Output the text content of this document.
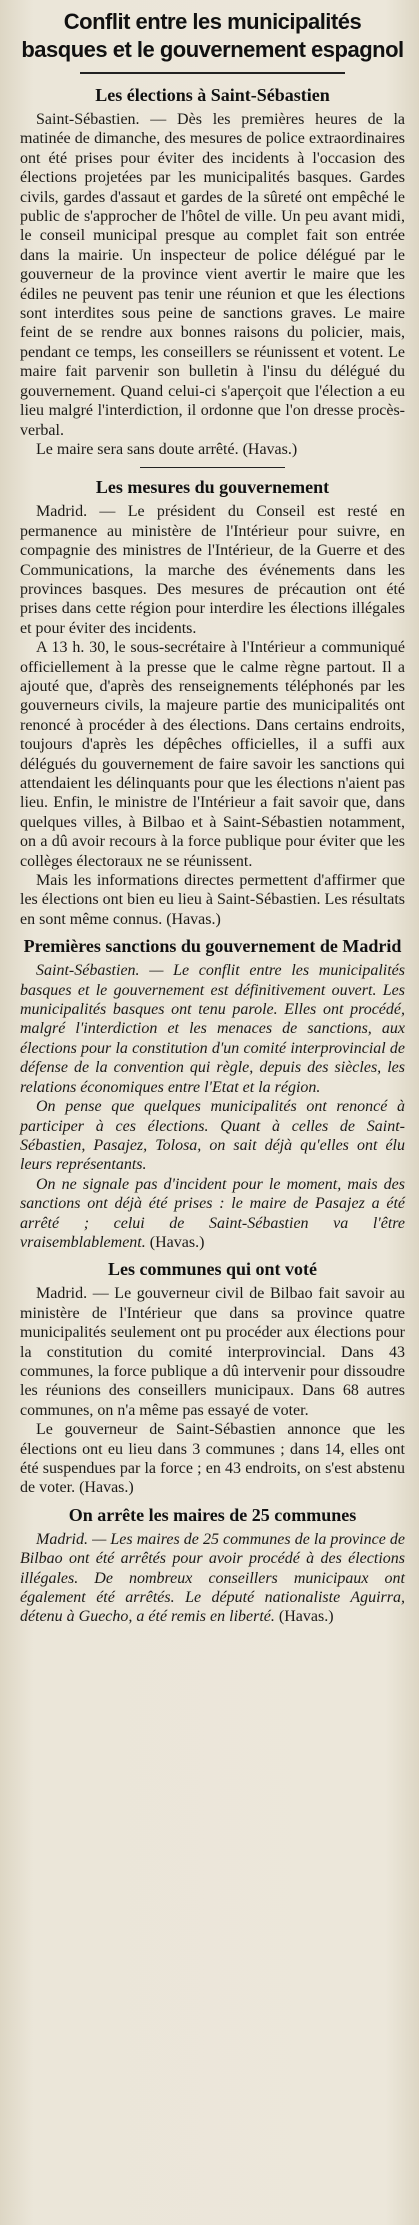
Conflit entre les municipalités basques et le gouvernement espagnol
Les élections à Saint-Sébastien

Saint-Sébastien. — Dès les premières heures de la matinée de dimanche, des mesures de police extraordinaires ont été prises pour éviter des incidents à l'occasion des élections projetées par les municipalités basques. Gardes civils, gardes d'assaut et gardes de la sûreté ont empêché le public de s'approcher de l'hôtel de ville. Un peu avant midi, le conseil municipal presque au complet fait son entrée dans la mairie. Un inspecteur de police délégué par le gouverneur de la province vient avertir le maire que les édiles ne peuvent pas tenir une réunion et que les élections sont interdites sous peine de sanctions graves. Le maire feint de se rendre aux bonnes raisons du policier, mais, pendant ce temps, les conseillers se réunissent et votent. Le maire fait parvenir son bulletin à l'insu du délégué du gouvernement. Quand celui-ci s'aperçoit que l'élection a eu lieu malgré l'interdiction, il ordonne que l'on dresse procès-verbal.

Le maire sera sans doute arrêté. (Havas.)

Les mesures du gouvernement

Madrid. — Le président du Conseil est resté en permanence au ministère de l'Intérieur pour suivre, en compagnie des ministres de l'Intérieur, de la Guerre et des Communications, la marche des événements dans les provinces basques. Des mesures de précaution ont été prises dans cette région pour interdire les élections illégales et pour éviter des incidents.

A 13 h. 30, le sous-secrétaire à l'Intérieur a communiqué officiellement à la presse que le calme règne partout. Il a ajouté que, d'après des renseignements téléphonés par les gouverneurs civils, la majeure partie des municipalités ont renoncé à procéder à des élections. Dans certains endroits, toujours d'après les dépêches officielles, il a suffi aux délégués du gouvernement de faire savoir les sanctions qui attendaient les délinquants pour que les élections n'aient pas lieu. Enfin, le ministre de l'Intérieur a fait savoir que, dans quelques villes, à Bilbao et à Saint-Sébastien notamment, on a dû avoir recours à la force publique pour éviter que les collèges électoraux ne se réunissent.

Mais les informations directes permettent d'affirmer que les élections ont bien eu lieu à Saint-Sébastien. Les résultats en sont même connus. (Havas.)

Premières sanctions du gouvernement de Madrid

Saint-Sébastien. — Le conflit entre les municipalités basques et le gouvernement est définitivement ouvert. Les municipalités basques ont tenu parole. Elles ont procédé, malgré l'interdiction et les menaces de sanctions, aux élections pour la constitution d'un comité interprovincial de défense de la convention qui règle, depuis des siècles, les relations économiques entre l'Etat et la région.

On pense que quelques municipalités ont renoncé à participer à ces élections. Quant à celles de Saint-Sébastien, Pasajez, Tolosa, on sait déjà qu'elles ont élu leurs représentants.

On ne signale pas d'incident pour le moment, mais des sanctions ont déjà été prises : le maire de Pasajez a été arrêté ; celui de Saint-Sébastien va l'être vraisemblablement. (Havas.)

Les communes qui ont voté

Madrid. — Le gouverneur civil de Bilbao fait savoir au ministère de l'Intérieur que dans sa province quatre municipalités seulement ont pu procéder aux élections pour la constitution du comité interprovincial. Dans 43 communes, la force publique a dû intervenir pour dissoudre les réunions des conseillers municipaux. Dans 68 autres communes, on n'a même pas essayé de voter.

Le gouverneur de Saint-Sébastien annonce que les élections ont eu lieu dans 3 communes ; dans 14, elles ont été suspendues par la force ; en 43 endroits, on s'est abstenu de voter. (Havas.)

On arrête les maires de 25 communes

Madrid. — Les maires de 25 communes de la province de Bilbao ont été arrêtés pour avoir procédé à des élections illégales. De nombreux conseillers municipaux ont également été arrêtés. Le député nationaliste Aguirra, détenu à Guecho, a été remis en liberté. (Havas.)
